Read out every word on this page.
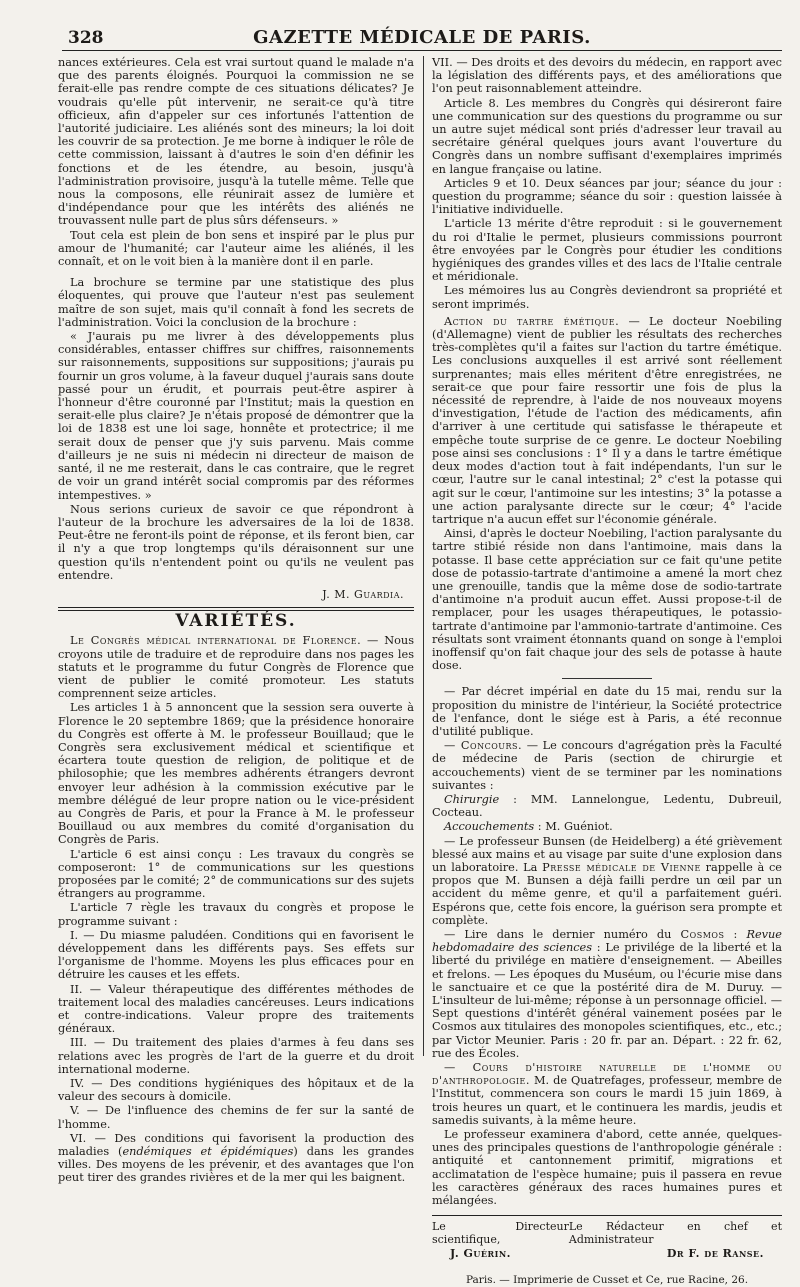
328	GAZETTE MÉDICALE DE PARIS.

nances extérieures. Cela est vrai surtout quand le malade n'a que des parents éloignés. Pourquoi la commission ne se ferait-elle pas rendre compte de ces situations délicates? Je voudrais qu'elle pût intervenir, ne serait-ce qu'à titre officieux, afin d'appeler sur ces infortunés l'attention de l'autorité judiciaire. Les aliénés sont des mineurs; la loi doit les couvrir de sa protection. Je me borne à indiquer le rôle de cette commission, laissant à d'autres le soin d'en définir les fonctions et de les étendre, au besoin, jusqu'à l'administration provisoire, jusqu'à la tutelle même. Telle que nous la composons, elle réunirait assez de lumière et d'indépendance pour que les intérêts des aliénés ne trouvassent nulle part de plus sûrs défenseurs. »

Tout cela est plein de bon sens et inspiré par le plus pur amour de l'humanité; car l'auteur aime les aliénés, il les connaît, et on le voit bien à la manière dont il en parle.

La brochure se termine par une statistique des plus éloquentes, qui prouve que l'auteur n'est pas seulement maître de son sujet, mais qu'il connaît à fond les secrets de l'administration. Voici la conclusion de la brochure :

« J'aurais pu me livrer à des développements plus considérables, entasser chiffres sur chiffres, raisonnements sur raisonnements, suppositions sur suppositions; j'aurais pu fournir un gros volume, à la faveur duquel j'aurais sans doute passé pour un érudit, et pourrais peut-être aspirer à l'honneur d'être couronné par l'Institut; mais la question en serait-elle plus claire? Je n'étais proposé de démontrer que la loi de 1838 est une loi sage, honnête et protectrice; il me serait doux de penser que j'y suis parvenu. Mais comme d'ailleurs je ne suis ni médecin ni directeur de maison de santé, il ne me resterait, dans le cas contraire, que le regret de voir un grand intérêt social compromis par des réformes intempestives. »

Nous serions curieux de savoir ce que répondront à l'auteur de la brochure les adversaires de la loi de 1838. Peut-être ne feront-ils point de réponse, et ils feront bien, car il n'y a que trop longtemps qu'ils déraisonnent sur une question qu'ils n'entendent point ou qu'ils ne veulent pas entendre.

J. M. Guardia.
VARIÉTÉS.

Le Congrès médical international de Florence. — Nous croyons utile de traduire et de reproduire dans nos pages les statuts et le programme du futur Congrès de Florence que vient de publier le comité promoteur. Les statuts comprennent seize articles.

Les articles 1 à 5 annoncent que la session sera ouverte à Florence le 20 septembre 1869; que la présidence honoraire du Congrès est offerte à M. le professeur Bouillaud; que le Congrès sera exclusivement médical et scientifique et écartera toute question de religion, de politique et de philosophie; que les membres adhérents étrangers devront envoyer leur adhésion à la commission exécutive par le membre délégué de leur propre nation ou le vice-président au Congrès de Paris, et pour la France à M. le professeur Bouillaud ou aux membres du comité d'organisation du Congrès de Paris.

L'article 6 est ainsi conçu : Les travaux du congrès se composeront: 1° de communications sur les questions proposées par le comité; 2° de communications sur des sujets étrangers au programme.

L'article 7 règle les travaux du congrès et propose le programme suivant :

I. — Du miasme paludéen. Conditions qui en favorisent le développement dans les différents pays. Ses effets sur l'organisme de l'homme. Moyens les plus efficaces pour en détruire les causes et les effets.

II. — Valeur thérapeutique des différentes méthodes de traitement local des maladies cancéreuses. Leurs indications et contre-indications. Valeur propre des traitements généraux.

III. — Du traitement des plaies d'armes à feu dans ses relations avec les progrès de l'art de la guerre et du droit international moderne.

IV. — Des conditions hygiéniques des hôpitaux et de la valeur des secours à domicile.

V. — De l'influence des chemins de fer sur la santé de l'homme.

VI. — Des conditions qui favorisent la production des maladies (endémiques et épidémiques) dans les grandes villes. Des moyens de les prévenir, et des avantages que l'on peut tirer des grandes rivières et de la mer qui les baignent.

VII. — Des droits et des devoirs du médecin, en rapport avec la législation des différents pays, et des améliorations que l'on peut raisonnablement atteindre.

Article 8. Les membres du Congrès qui désireront faire une communication sur des questions du programme ou sur un autre sujet médical sont priés d'adresser leur travail au secrétaire général quelques jours avant l'ouverture du Congrès dans un nombre suffisant d'exemplaires imprimés en langue française ou latine.

Articles 9 et 10. Deux séances par jour; séance du jour : question du programme; séance du soir : question laissée à l'initiative individuelle.

L'article 13 mérite d'être reproduit : si le gouvernement du roi d'Italie le permet, plusieurs commissions pourront être envoyées par le Congrès pour étudier les conditions hygiéniques des grandes villes et des lacs de l'Italie centrale et méridionale.

Les mémoires lus au Congrès deviendront sa propriété et seront imprimés.

Action du tartre émétique. — Le docteur Noebiling (d'Allemagne) vient de publier les résultats des recherches très-complètes qu'il a faites sur l'action du tartre émétique. Les conclusions auxquelles il est arrivé sont réellement surprenantes; mais elles méritent d'être enregistrées, ne serait-ce que pour faire ressortir une fois de plus la nécessité de reprendre, à l'aide de nos nouveaux moyens d'investigation, l'étude de l'action des médicaments, afin d'arriver à une certitude qui satisfasse le thérapeute et empêche toute surprise de ce genre. Le docteur Noebiling pose ainsi ses conclusions : 1° Il y a dans le tartre émétique deux modes d'action tout à fait indépendants, l'un sur le cœur, l'autre sur le canal intestinal; 2° c'est la potasse qui agit sur le cœur, l'antimoine sur les intestins; 3° la potasse a une action paralysante directe sur le cœur; 4° l'acide tartrique n'a aucun effet sur l'économie générale.

Ainsi, d'après le docteur Noebiling, l'action paralysante du tartre stibié réside non dans l'antimoine, mais dans la potasse. Il base cette appréciation sur ce fait qu'une petite dose de potassio-tartrate d'antimoine a amené la mort chez une grenouille, tandis que la même dose de sodio-tartrate d'antimoine n'a produit aucun effet. Aussi propose-t-il de remplacer, pour les usages thérapeutiques, le potassio-tartrate d'antimoine par l'ammonio-tartrate d'antimoine. Ces résultats sont vraiment étonnants quand on songe à l'emploi inoffensif qu'on fait chaque jour des sels de potasse à haute dose.

— Par décret impérial en date du 15 mai, rendu sur la proposition du ministre de l'intérieur, la Société protectrice de l'enfance, dont le siége est à Paris, a été reconnue d'utilité publique.

— Concours. — Le concours d'agrégation près la Faculté de médecine de Paris (section de chirurgie et accouchements) vient de se terminer par les nominations suivantes :

Chirurgie : MM. Lannelongue, Ledentu, Dubreuil, Cocteau.

Accouchements : M. Guéniot.

— Le professeur Bunsen (de Heidelberg) a été grièvement blessé aux mains et au visage par suite d'une explosion dans un laboratoire. La Presse médicale de Vienne rappelle à ce propos que M. Bunsen a déjà failli perdre un œil par un accident du même genre, et qu'il a parfaitement guéri. Espérons que, cette fois encore, la guérison sera prompte et complète.

— Lire dans le dernier numéro du Cosmos : Revue hebdomadaire des sciences : Le privilége de la liberté et la liberté du privilége en matière d'enseignement. — Abeilles et frelons. — Les époques du Muséum, ou l'écurie mise dans le sanctuaire et ce que la postérité dira de M. Duruy. — L'insulteur de lui-même; réponse à un personnage officiel. — Sept questions d'intérêt général vainement posées par le Cosmos aux titulaires des monopoles scientifiques, etc., etc.; par Victor Meunier. Paris : 20 fr. par an. Départ. : 22 fr. 62, rue des Écoles.

— Cours d'histoire naturelle de l'homme ou d'anthropologie. M. de Quatrefages, professeur, membre de l'Institut, commencera son cours le mardi 15 juin 1869, à trois heures un quart, et le continuera les mardis, jeudis et samedis suivants, à la même heure.

Le professeur examinera d'abord, cette année, quelques-unes des principales questions de l'anthropologie générale : antiquité et cantonnement primitif, migrations et acclimatation de l'espèce humaine; puis il passera en revue les caractères généraux des races humaines pures et mélangées.

Le Directeur scientifique,
Le Rédacteur en chef et Administrateur
J. Guérin.	Dr F. de Ranse.
Paris. — Imprimerie de Cusset et Ce, rue Racine, 26.
